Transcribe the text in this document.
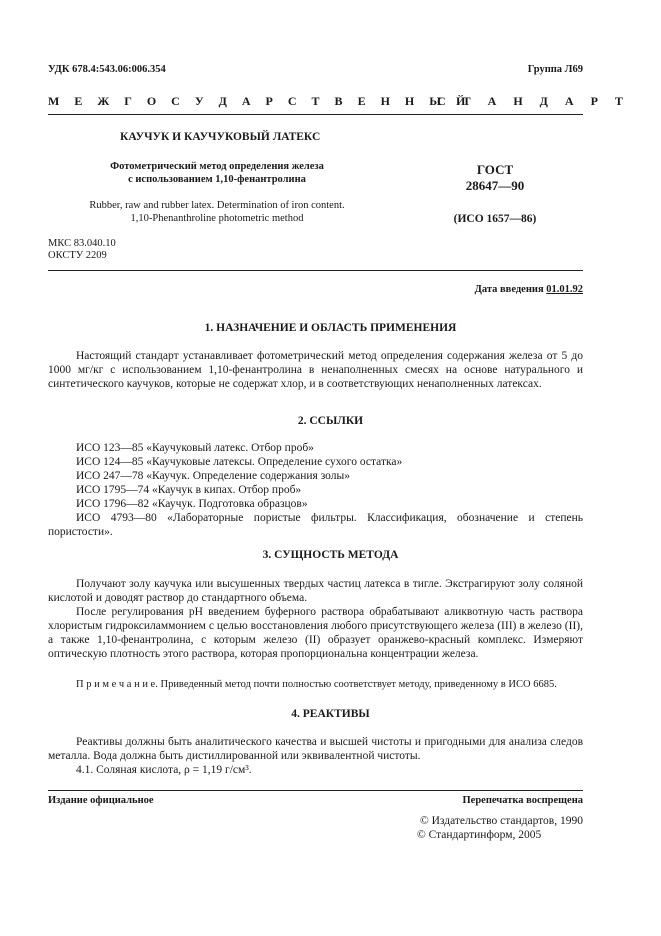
УДК 678.4:543.06:006.354	Группа Л69
М Е Ж Г О С У Д А Р С Т В Е Н Н Ы Й
С Т А Н Д А Р Т
КАУЧУК И КАУЧУКОВЫЙ ЛАТЕКС
Фотометрический метод определения железа
с использованием 1,10-фенантролина
Rubber, raw and rubber latex. Determination of iron content.
1,10-Phenanthroline photometric method
ГОСТ
28647—90
(ИСО 1657—86)
МКС 83.040.10
ОКСТУ 2209
Дата введения 01.01.92
1. НАЗНАЧЕНИЕ И ОБЛАСТЬ ПРИМЕНЕНИЯ
Настоящий стандарт устанавливает фотометрический метод определения содержания железа от 5 до 1000 мг/кг с использованием 1,10-фенантролина в ненаполненных смесях на основе натурального и синтетического каучуков, которые не содержат хлор, и в соответствующих ненаполненных латексах.
2. ССЫЛКИ
ИСО 123—85 «Каучуковый латекс. Отбор проб»
ИСО 124—85 «Каучуковые латексы. Определение сухого остатка»
ИСО 247—78 «Каучук. Определение содержания золы»
ИСО 1795—74 «Каучук в кипах. Отбор проб»
ИСО 1796—82 «Каучук. Подготовка образцов»
ИСО 4793—80 «Лабораторные пористые фильтры. Классификация, обозначение и степень пористости».
3. СУЩНОСТЬ МЕТОДА
Получают золу каучука или высушенных твердых частиц латекса в тигле. Экстрагируют золу соляной кислотой и доводят раствор до стандартного объема.
После регулирования pH введением буферного раствора обрабатывают аликвотную часть раствора хлористым гидроксиламмонием с целью восстановления любого присутствующего железа (III) в железо (II), а также 1,10-фенантролина, с которым железо (II) образует оранжево-красный комплекс. Измеряют оптическую плотность этого раствора, которая пропорциональна концентрации железа.
П р и м е ч а н и е. Приведенный метод почти полностью соответствует методу, приведенному в ИСО 6685.
4. РЕАКТИВЫ
Реактивы должны быть аналитического качества и высшей чистоты и пригодными для анализа следов металла. Вода должна быть дистиллированной или эквивалентной чистоты.
4.1. Соляная кислота, ρ = 1,19 г/см³.
Издание официальное	Перепечатка воспрещена
© Издательство стандартов, 1990
© Стандартинформ, 2005
